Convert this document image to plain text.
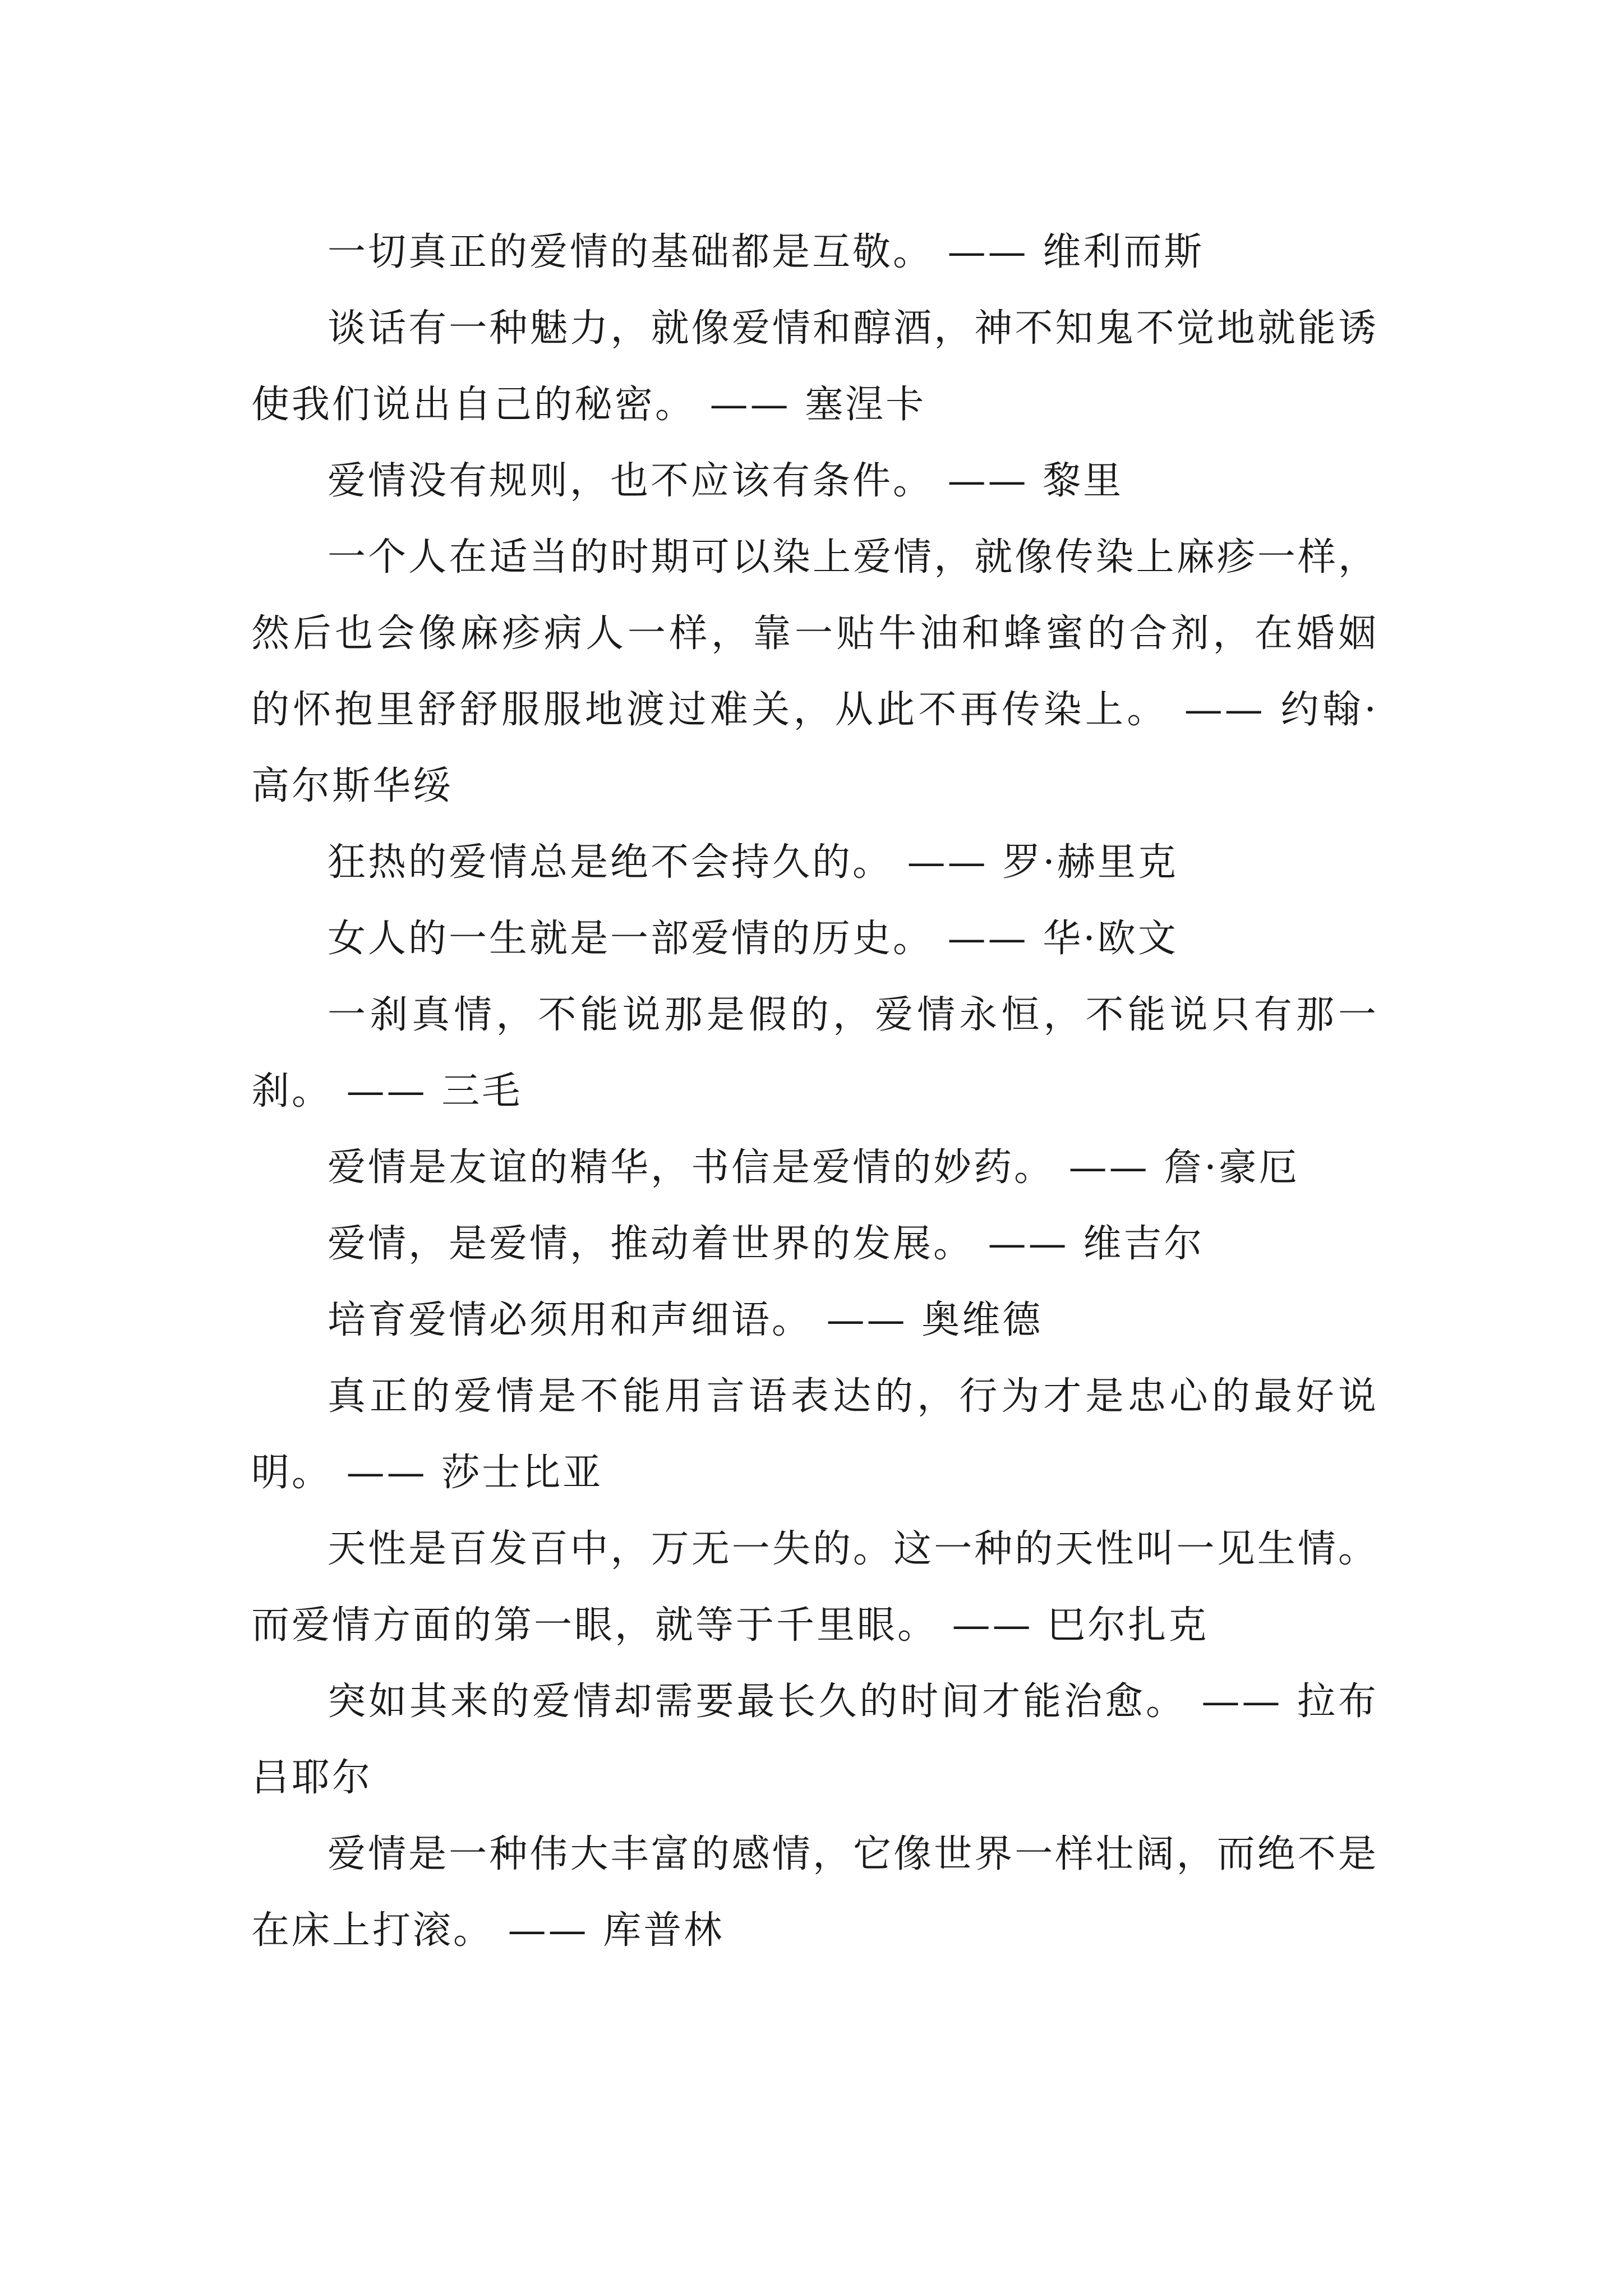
一切真正的爱情的基础都是互敬。 —— 维利而斯

谈话有一种魅力，就像爱情和醇酒，神不知鬼不觉地就能诱使我们说出自己的秘密。 —— 塞涅卡

爱情没有规则，也不应该有条件。 —— 黎里

一个人在适当的时期可以染上爱情，就像传染上麻疹一样，然后也会像麻疹病人一样，靠一贴牛油和蜂蜜的合剂，在婚姻的怀抱里舒舒服服地渡过难关，从此不再传染上。 —— 约翰·高尔斯华绥

狂热的爱情总是绝不会持久的。 —— 罗·赫里克

女人的一生就是一部爱情的历史。 —— 华·欧文

一刹真情，不能说那是假的，爱情永恒，不能说只有那一刹。 —— 三毛

爱情是友谊的精华，书信是爱情的妙药。 —— 詹·豪厄

爱情，是爱情，推动着世界的发展。 —— 维吉尔

培育爱情必须用和声细语。 —— 奥维德

真正的爱情是不能用言语表达的，行为才是忠心的最好说明。 —— 莎士比亚

天性是百发百中，万无一失的。这一种的天性叫一见生情。而爱情方面的第一眼，就等于千里眼。 —— 巴尔扎克

突如其来的爱情却需要最长久的时间才能治愈。 —— 拉布吕耶尔

爱情是一种伟大丰富的感情，它像世界一样壮阔，而绝不是在床上打滚。 —— 库普林
